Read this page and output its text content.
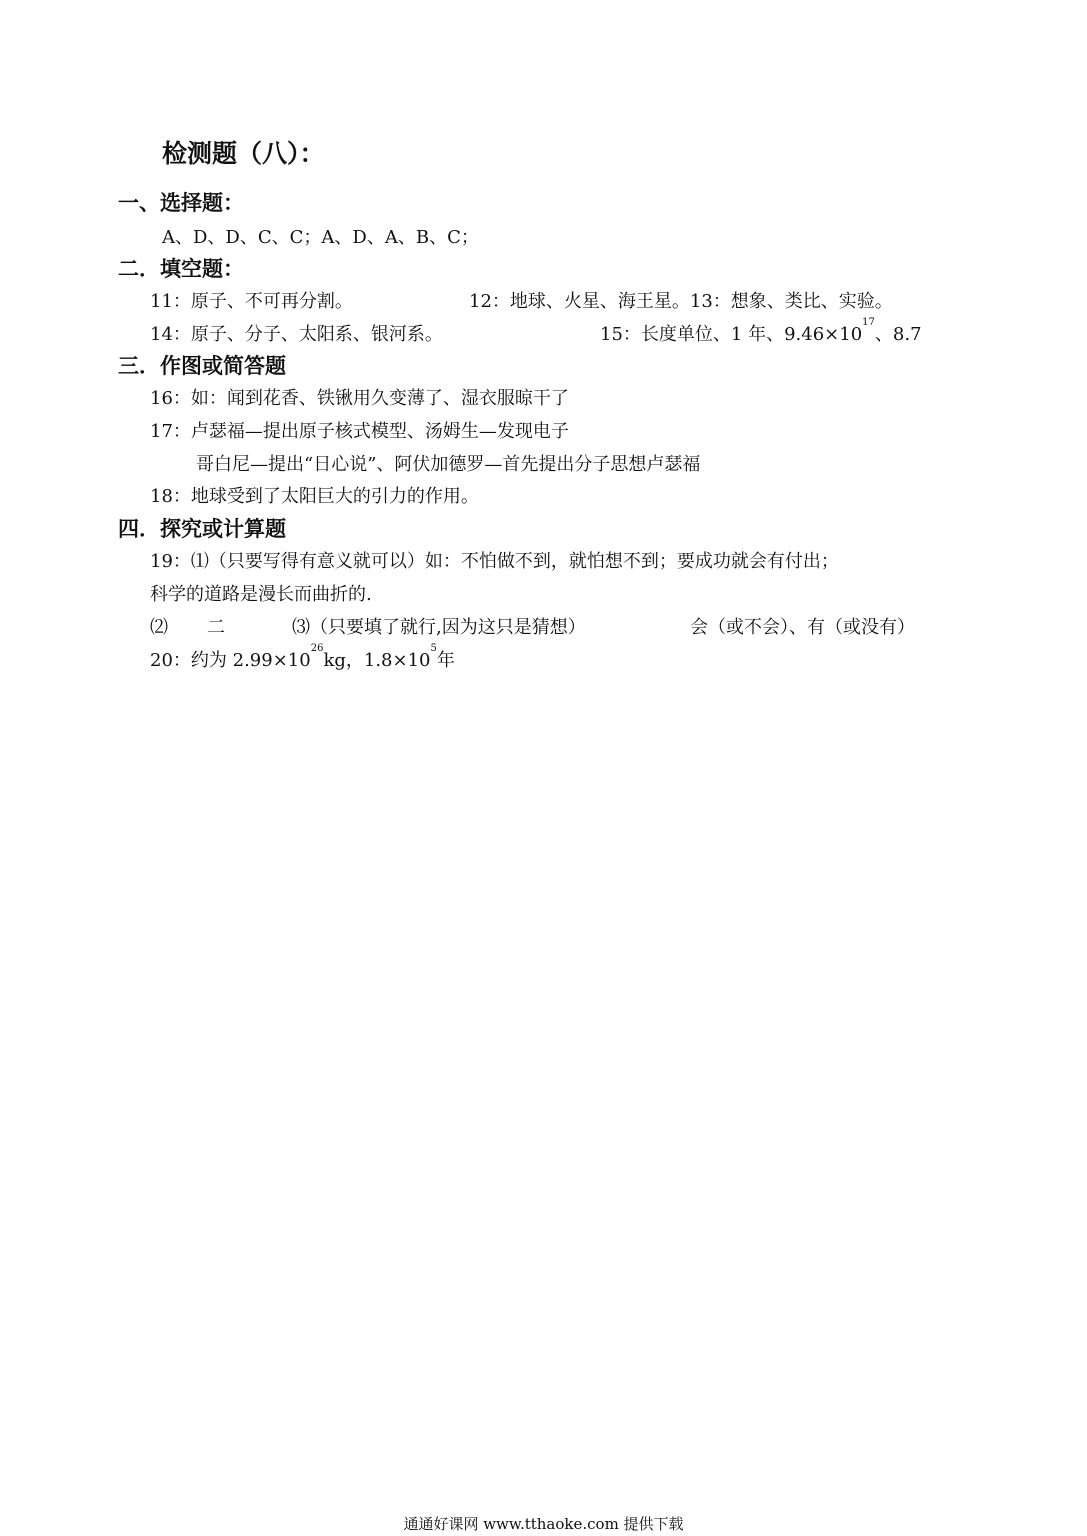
检测题（八）：
一、选择题：
A、D、D、C、C；A、D、A、B、C；
二．填空题：
11：原子、不可再分割。	12：地球、火星、海王星。13：想象、类比、实验。
14：原子、分子、太阳系、银河系。	15：长度单位、1 年、$9.46\times 10^{17}$、8.7
三．作图或简答题
16：如：闻到花香、铁锹用久变薄了、湿衣服晾干了
17：卢瑟福—提出原子核式模型、汤姆生—发现电子
哥白尼—提出“日心说”、阿伏加德罗—首先提出分子思想卢瑟福
18：地球受到了太阳巨大的引力的作用。
四．探究或计算题
19：⑴（只要写得有意义就可以）如：不怕做不到，就怕想不到；要成功就会有付出；
科学的道路是漫长而曲折的.
⑵ 二	⑶（只要填了就行,因为这只是猜想）	会（或不会）、有（或没有）
20：约为 $2.99\times 10^{26}kg$，$1.8\times 10^5$年
通通好课网 www.tthaoke.com 提供下载
